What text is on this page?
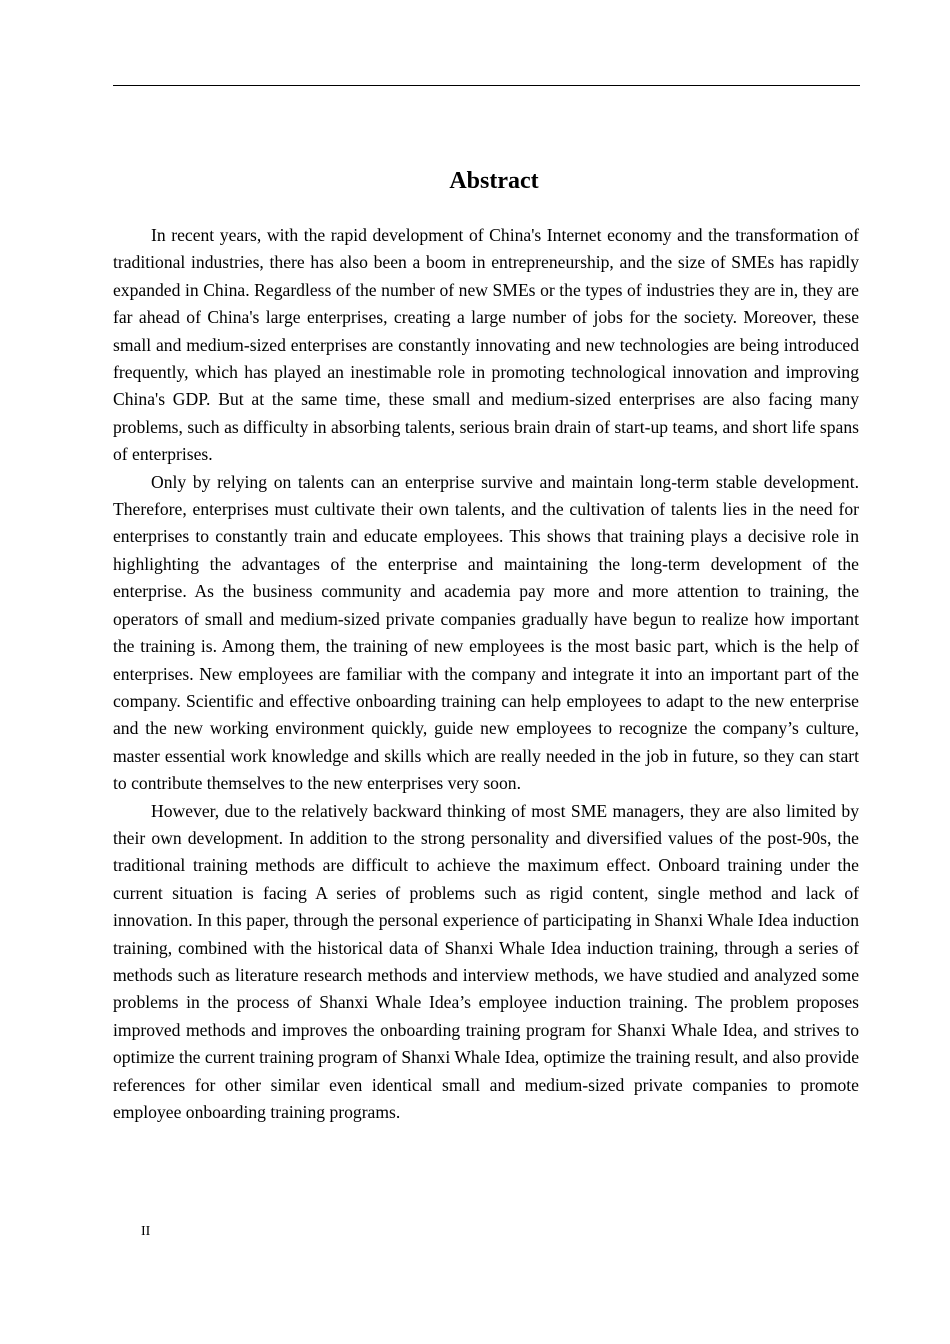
Abstract

In recent years, with the rapid development of China's Internet economy and the transformation of traditional industries, there has also been a boom in entrepreneurship, and the size of SMEs has rapidly expanded in China. Regardless of the number of new SMEs or the types of industries they are in, they are far ahead of China's large enterprises, creating a large number of jobs for the society. Moreover, these small and medium-sized enterprises are constantly innovating and new technologies are being introduced frequently, which has played an inestimable role in promoting technological innovation and improving China's GDP. But at the same time, these small and medium-sized enterprises are also facing many problems, such as difficulty in absorbing talents, serious brain drain of start-up teams, and short life spans of enterprises.

Only by relying on talents can an enterprise survive and maintain long-term stable development. Therefore, enterprises must cultivate their own talents, and the cultivation of talents lies in the need for enterprises to constantly train and educate employees. This shows that training plays a decisive role in highlighting the advantages of the enterprise and maintaining the long-term development of the enterprise. As the business community and academia pay more and more attention to training, the operators of small and medium-sized private companies gradually have begun to realize how important the training is. Among them, the training of new employees is the most basic part, which is the help of enterprises. New employees are familiar with the company and integrate it into an important part of the company. Scientific and effective onboarding training can help employees to adapt to the new enterprise and the new working environment quickly, guide new employees to recognize the company’s culture, master essential work knowledge and skills which are really needed in the job in future, so they can start to contribute themselves to the new enterprises very soon.

However, due to the relatively backward thinking of most SME managers, they are also limited by their own development. In addition to the strong personality and diversified values of the post-90s, the traditional training methods are difficult to achieve the maximum effect. Onboard training under the current situation is facing A series of problems such as rigid content, single method and lack of innovation. In this paper, through the personal experience of participating in Shanxi Whale Idea induction training, combined with the historical data of Shanxi Whale Idea induction training, through a series of methods such as literature research methods and interview methods, we have studied and analyzed some problems in the process of Shanxi Whale Idea’s employee induction training. The problem proposes improved methods and improves the onboarding training program for Shanxi Whale Idea, and strives to optimize the current training program of Shanxi Whale Idea, optimize the training result, and also provide references for other similar even identical small and medium-sized private companies to promote employee onboarding training programs.

II
